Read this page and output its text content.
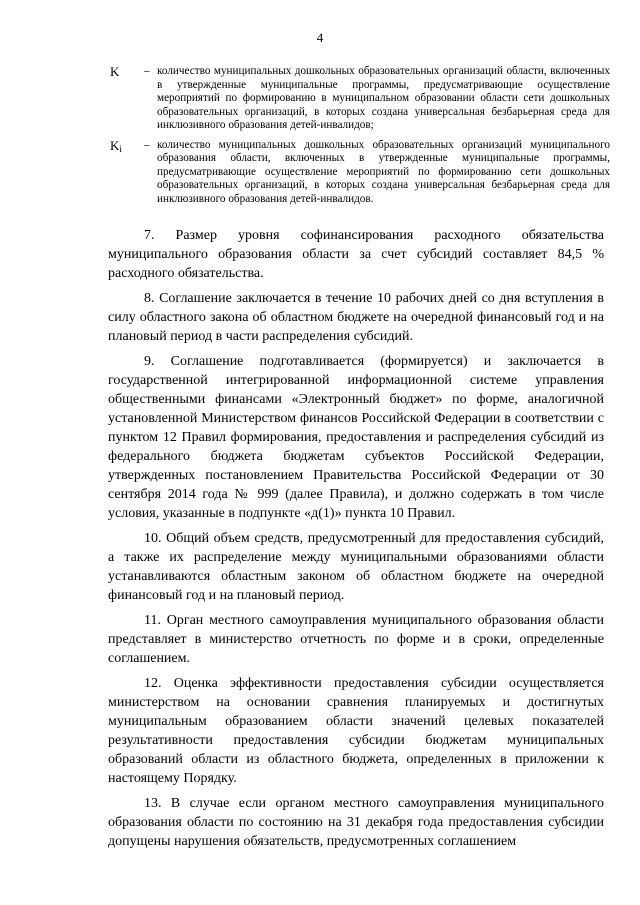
4
K	– количество муниципальных дошкольных образовательных организаций области, включенных в утвержденные муниципальные программы, предусматривающие осуществление мероприятий по формированию в муниципальном образовании области сети дошкольных образовательных организаций, в которых создана универсальная безбарьерная среда для инклюзивного образования детей-инвалидов;
$K_i$	– количество муниципальных дошкольных образовательных организаций муниципального образования области, включенных в утвержденные муниципальные программы, предусматривающие осуществление мероприятий по формированию сети дошкольных образовательных организаций, в которых создана универсальная безбарьерная среда для инклюзивного образования детей-инвалидов.

7. Размер уровня софинансирования расходного обязательства муниципального образования области за счет субсидий составляет 84,5 % расходного обязательства.

8. Соглашение заключается в течение 10 рабочих дней со дня вступления в силу областного закона об областном бюджете на очередной финансовый год и на плановый период в части распределения субсидий.

9. Соглашение подготавливается (формируется) и заключается в государственной интегрированной информационной системе управления общественными финансами «Электронный бюджет» по форме, аналогичной установленной Министерством финансов Российской Федерации в соответствии с пунктом 12 Правил формирования, предоставления и распределения субсидий из федерального бюджета бюджетам субъектов Российской Федерации, утвержденных постановлением Правительства Российской Федерации от 30 сентября 2014 года № 999 (далее Правила), и должно содержать в том числе условия, указанные в подпункте «д(1)» пункта 10 Правил.

10. Общий объем средств, предусмотренный для предоставления субсидий, а также их распределение между муниципальными образованиями области устанавливаются областным законом об областном бюджете на очередной финансовый год и на плановый период.

11. Орган местного самоуправления муниципального образования области представляет в министерство отчетность по форме и в сроки, определенные соглашением.

12. Оценка эффективности предоставления субсидии осуществляется министерством на основании сравнения планируемых и достигнутых муниципальным образованием области значений целевых показателей результативности предоставления субсидии бюджетам муниципальных образований области из областного бюджета, определенных в приложении к настоящему Порядку.

13. В случае если органом местного самоуправления муниципального образования области по состоянию на 31 декабря года предоставления субсидии допущены нарушения обязательств, предусмотренных соглашением
